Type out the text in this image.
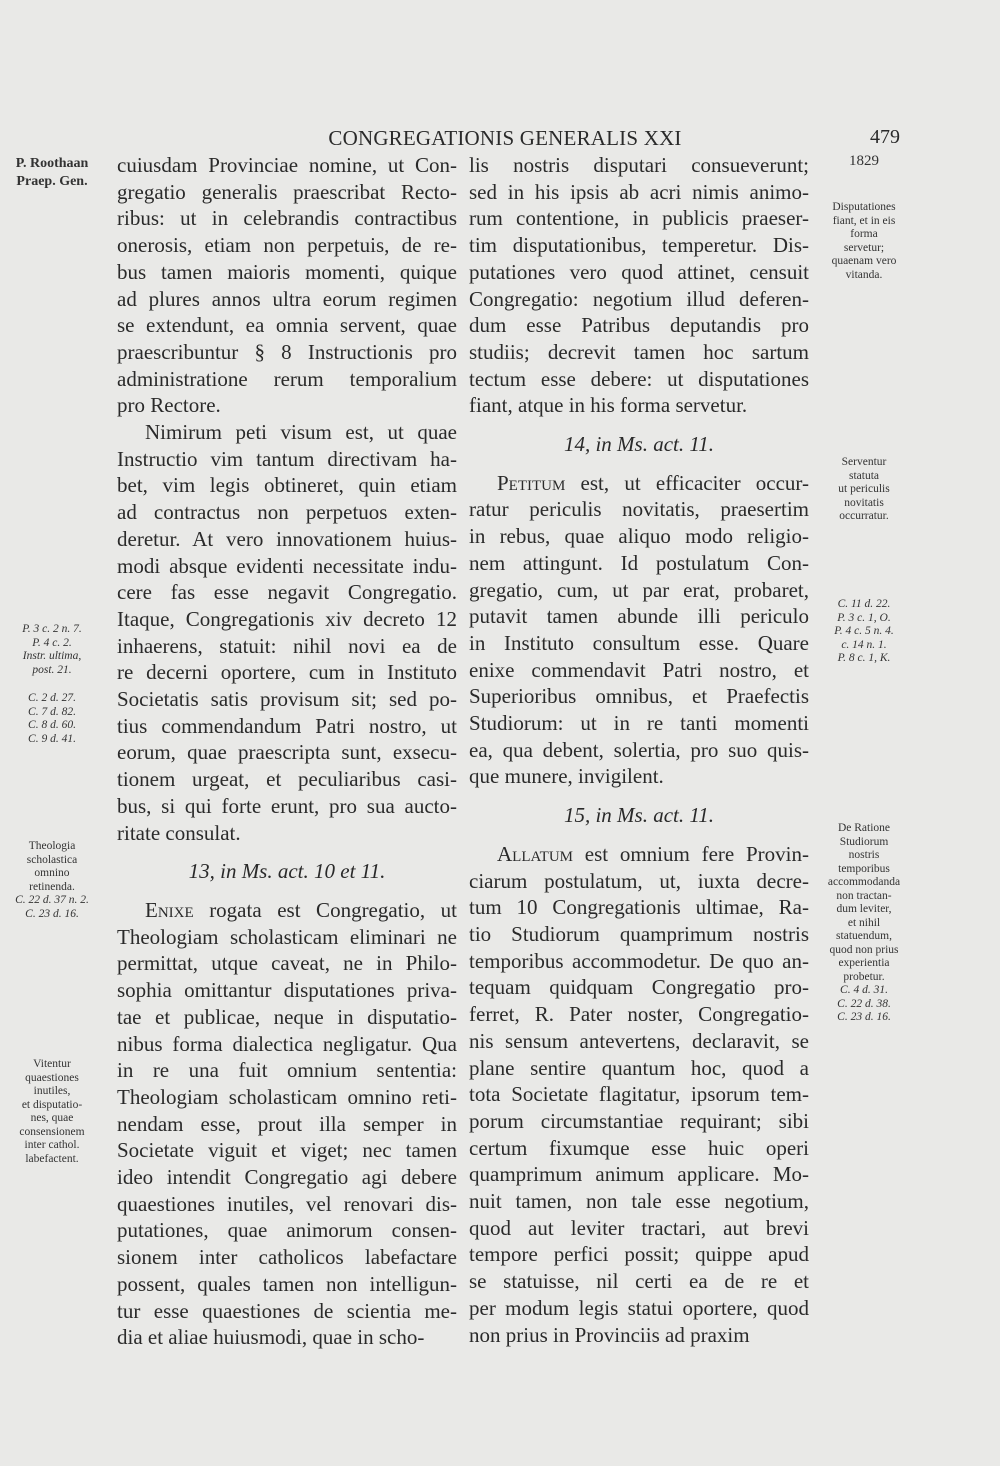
CONGREGATIONIS GENERALIS XXI	479
P. Roothaan
Praep. Gen.
P. 3 c. 2 n. 7.
P. 4 c. 2.
Instr. ultima,
post. 21.
C. 2 d. 27.
C. 7 d. 82.
C. 8 d. 60.
C. 9 d. 41.
Theologia
scholastica
omnino
retinenda.
C. 22 d. 37 n. 2.
C. 23 d. 16.
Vitentur
quaestiones
inutiles,
et disputatio-
nes, quae
consensionem
inter cathol.
labefactent.
1829
Disputationes
fiant, et in eis
forma
servetur;
quaenam vero
vitanda.
Serventur
statuta
ut periculis
novitatis
occurratur.
C. 11 d. 22.
P. 3 c. 1, O.
P. 4 c. 5 n. 4.
c. 14 n. 1.
P. 8 c. 1, K.
De Ratione
Studiorum
nostris
temporibus
accommodanda
non tractan-
dum leviter,
et nihil
statuendum,
quod non prius
experientia
probetur.
C. 4 d. 31.
C. 22 d. 38.
C. 23 d. 16.
cuiusdam Provinciae nomine, ut Con-
gregatio generalis praescribat Recto-
ribus: ut in celebrandis contractibus
onerosis, etiam non perpetuis, de re-
bus tamen maioris momenti, quique
ad plures annos ultra eorum regimen
se extendunt, ea omnia servent, quae
praescribuntur § 8 Instructionis pro
administratione rerum temporalium
pro Rectore.
Nimirum peti visum est, ut quae
Instructio vim tantum directivam ha-
bet, vim legis obtineret, quin etiam
ad contractus non perpetuos exten-
deretur. At vero innovationem huius-
modi absque evidenti necessitate indu-
cere fas esse negavit Congregatio.
Itaque, Congregationis xiv decreto 12
inhaerens, statuit: nihil novi ea de
re decerni oportere, cum in Instituto
Societatis satis provisum sit; sed po-
tius commendandum Patri nostro, ut
eorum, quae praescripta sunt, exsecu-
tionem urgeat, et peculiaribus casi-
bus, si qui forte erunt, pro sua aucto-
ritate consulat.
13, in Ms. act. 10 et 11.
Enixe rogata est Congregatio, ut
Theologiam scholasticam eliminari ne
permittat, utque caveat, ne in Philo-
sophia omittantur disputationes priva-
tae et publicae, neque in disputatio-
nibus forma dialectica negligatur. Qua
in re una fuit omnium sententia:
Theologiam scholasticam omnino reti-
nendam esse, prout illa semper in
Societate viguit et viget; nec tamen
ideo intendit Congregatio agi debere
quaestiones inutiles, vel renovari dis-
putationes, quae animorum consen-
sionem inter catholicos labefactare
possent, quales tamen non intelligun-
tur esse quaestiones de scientia me-
dia et aliae huiusmodi, quae in scho-
lis nostris disputari consueverunt;
sed in his ipsis ab acri nimis animo-
rum contentione, in publicis praeser-
tim disputationibus, temperetur. Dis-
putationes vero quod attinet, censuit
Congregatio: negotium illud deferen-
dum esse Patribus deputandis pro
studiis; decrevit tamen hoc sartum
tectum esse debere: ut disputationes
fiant, atque in his forma servetur.
14, in Ms. act. 11.
Petitum est, ut efficaciter occur-
ratur periculis novitatis, praesertim
in rebus, quae aliquo modo religio-
nem attingunt. Id postulatum Con-
gregatio, cum, ut par erat, probaret,
putavit tamen abunde illi periculo
in Instituto consultum esse. Quare
enixe commendavit Patri nostro, et
Superioribus omnibus, et Praefectis
Studiorum: ut in re tanti momenti
ea, qua debent, solertia, pro suo quis-
que munere, invigilent.
15, in Ms. act. 11.
Allatum est omnium fere Provin-
ciarum postulatum, ut, iuxta decre-
tum 10 Congregationis ultimae, Ra-
tio Studiorum quamprimum nostris
temporibus accommodetur. De quo an-
tequam quidquam Congregatio pro-
ferret, R. Pater noster, Congregatio-
nis sensum antevertens, declaravit, se
plane sentire quantum hoc, quod a
tota Societate flagitatur, ipsorum tem-
porum circumstantiae requirant; sibi
certum fixumque esse huic operi
quamprimum animum applicare. Mo-
nuit tamen, non tale esse negotium,
quod aut leviter tractari, aut brevi
tempore perfici possit; quippe apud
se statuisse, nil certi ea de re et
per modum legis statui oportere, quod
non prius in Provinciis ad praxim
